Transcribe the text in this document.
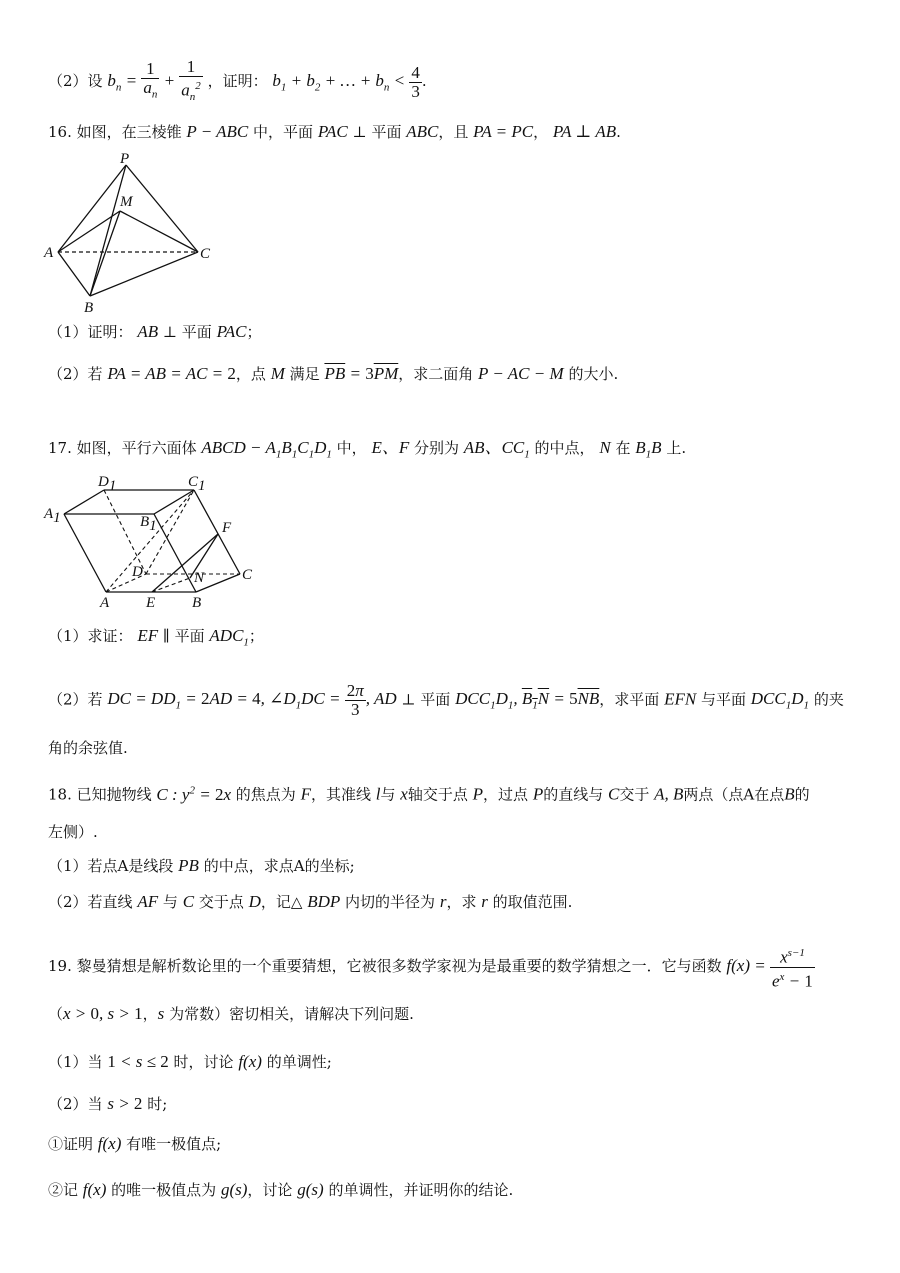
（2）设 $b_n = \frac{1}{a_n} + \frac{1}{a_n^2}$ ，证明： $b_1 + b_2$ + … + $b_n < \frac{4}{3}$ .
16. 如图，在三棱锥 P − ABC 中，平面 PAC ⊥ 平面 ABC，且 PA = PC， PA ⊥ AB.
P
M
A	C
B
（1）证明： AB ⊥ 平面 PAC；
（2）若 PA = AB = AC = 2，点 M 满足 $\overline{PB} = 3\overline{PM}$，求二面角 P − AC − M 的大小.
17. 如图，平行六面体 ABCD − $A_1B_1C_1D_1$ 中， E、F 分别为 AB、$CC_1$ 的中点， N 在 $B_1B$ 上.
D1	C1
A1	B1	F
D	N	C
A E B
（1）求证： EF ∥ 平面 $ADC_1$；
（2）若 DC = $DD_1 = 2AD = 4$, $\angle D_1DC = \frac{2\pi}{3}$ , AD ⊥ 平面 $DCC_1D_1$, $B_1N = 5\overline{NB}$，求平面 EFN 与平面 $DCC_1D_1$ 的夹
角的余弦值.
18. 已知抛物线 C : $y^2 = 2x$ 的焦点为 F，其准线 l与 x轴交于点 P，过点 P的直线与 C交于 A, B两点（点A在点B的
左侧）.
（1）若点A是线段 PB 的中点，求点A的坐标;
（2）若直线 AF 与 C 交于点 D，记△ BDP 内切的半径为 r，求 r 的取值范围.
19. 黎曼猜想是解析数论里的一个重要猜想，它被很多数学家视为是最重要的数学猜想之一．它与函数 $f(x) = \frac{x^{s-1}}{e^x - 1}$
（x > 0, s > 1，s 为常数）密切相关，请解决下列问题.
（1）当 1 < s ≤ 2 时，讨论 f(x) 的单调性;
（2）当 s > 2 时;
①证明 f(x) 有唯一极值点;
②记 f(x) 的唯一极值点为 g(s)，讨论 g(s) 的单调性，并证明你的结论.
